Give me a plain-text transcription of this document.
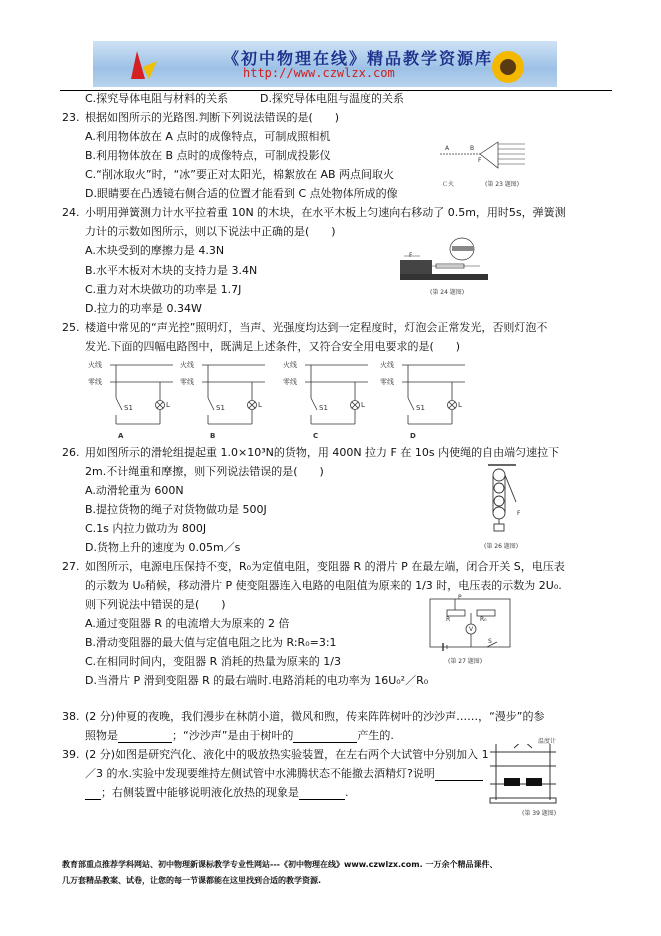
《初中物理在线》精品教学资源库
http://www.czwlzx.com
C.探究导体电阻与材料的关系	D.探究导体电阻与温度的关系
23. 根据如图所示的光路图.判断下列说法错误的是(　　)
A.利用物体放在 A 点时的成像特点，可制成照相机
B.利用物体放在 B 点时的成像特点，可制成投影仪
C.“削冰取火”时，“冰”要正对太阳光，棉絮放在 AB 两点间取火
D.眼睛要在凸透镜右侧合适的位置才能看到 C 点处物体所成的像
A	B
F
Ｃ火	(第 23 题图)
24. 小明用弹簧测力计水平拉着重 10N 的木块，在水平木板上匀速向右移动了 0.5m，用时5s，弹簧测
力计的示数如图所示，则以下说法中正确的是(　　)
A.木块受到的摩擦力是 4.3N
B.水平木板对木块的支持力是 3.4N
C.重力对木块做功的功率是 1.7J
D.拉力的功率是 0.34W
F
(第 24 题图)
25. 楼道中常见的“声光控”照明灯，当声、光强度均达到一定程度时，灯泡会正常发光，否则灯泡不
发光.下面的四幅电路图中，既满足上述条件，又符合安全用电要求的是(　　)
火线
零线
A
L
S1
火线
零线
B
L
S1
火线
零线
C
L
S1
火线
零线
D
L
S1
26. 用如图所示的滑轮组提起重 1.0×10³N的货物，用 400N 拉力 F 在 10s 内使绳的自由端匀速拉下
2m.不计绳重和摩擦，则下列说法错误的是(　　)
A.动滑轮重为 600N
B.提拉货物的绳子对货物做功是 500J
C.1s 内拉力做功为 800J
D.货物上升的速度为 0.05m／s
F
(第 26 题图)
27. 如图所示，电源电压保持不变，R₀为定值电阻，变阻器 R 的滑片 P 在最左端，闭合开关 S，电压表
的示数为 U₀稍候，移动滑片 P 使变阻器连入电路的电阻值为原来的 1/3 时，电压表的示数为 2U₀.
则下列说法中错误的是(　　)
A.通过变阻器 R 的电流增大为原来的 2 倍
B.滑动变阻器的最大值与定值电阻之比为 R:R₀=3:1
C.在相同时间内，变阻器 R 消耗的热量为原来的 1/3
D.当滑片 P 滑到变阻器 R 的最右端时.电路消耗的电功率为 16U₀²／R₀
P
R	R₀
V
S
(第 27 题图)
38. (2 分)仲夏的夜晚，我们漫步在林荫小道，微风和煦，传来阵阵树叶的沙沙声……，“漫步”的参
照物是	；“沙沙声”是由于树叶的	产生的.
39. (2 分)如图是研究汽化、液化中的吸放热实验装置，在左右两个大试管中分别加入 1
／3 的水.实验中发现要维持左侧试管中水沸腾状态不能撤去酒精灯?说明
；右侧装置中能够说明液化放热的现象是	.
温度计
(第 39 题图)
教育部重点推荐学科网站、初中物理新课标教学专业性网站---《初中物理在线》www.czwlzx.com. 一万余个精品课件、
几万套精品教案、试卷，让您的每一节课都能在这里找到合适的教学资源.
